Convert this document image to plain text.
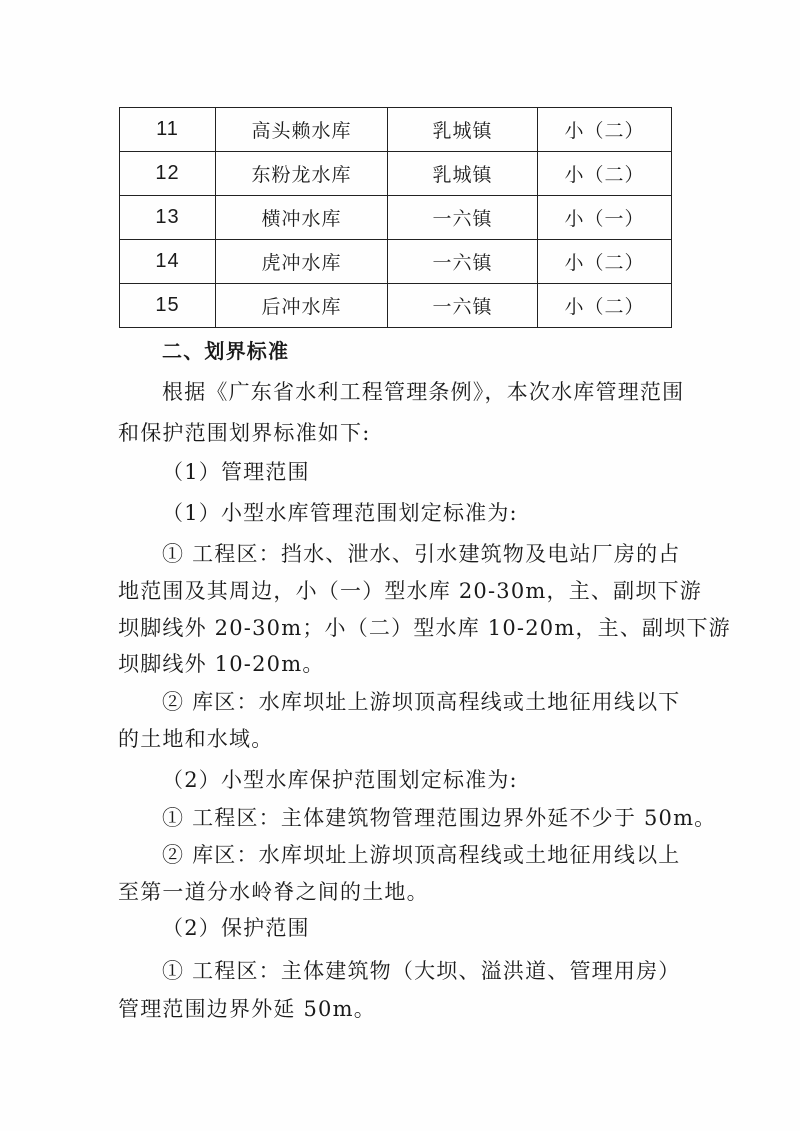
11	高头赖水库	乳城镇	小（二）
12	东粉龙水库	乳城镇	小（二）
13	横冲水库	一六镇	小（一）
14	虎冲水库	一六镇	小（二）
15	后冲水库	一六镇	小（二）
二、划界标准
根据《广东省水利工程管理条例》，本次水库管理范围
和保护范围划界标准如下:
（1）管理范围
（1）小型水库管理范围划定标准为:
① 工程区：挡水、泄水、引水建筑物及电站厂房的占
地范围及其周边，小（一）型水库 20-30m，主、副坝下游
坝脚线外 20-30m；小（二）型水库 10-20m，主、副坝下游
坝脚线外 10-20m。
② 库区：水库坝址上游坝顶高程线或土地征用线以下
的土地和水域。
（2）小型水库保护范围划定标准为:
① 工程区：主体建筑物管理范围边界外延不少于 50m。
② 库区：水库坝址上游坝顶高程线或土地征用线以上
至第一道分水岭脊之间的土地。
（2）保护范围
① 工程区：主体建筑物（大坝、溢洪道、管理用房）
管理范围边界外延 50m。
